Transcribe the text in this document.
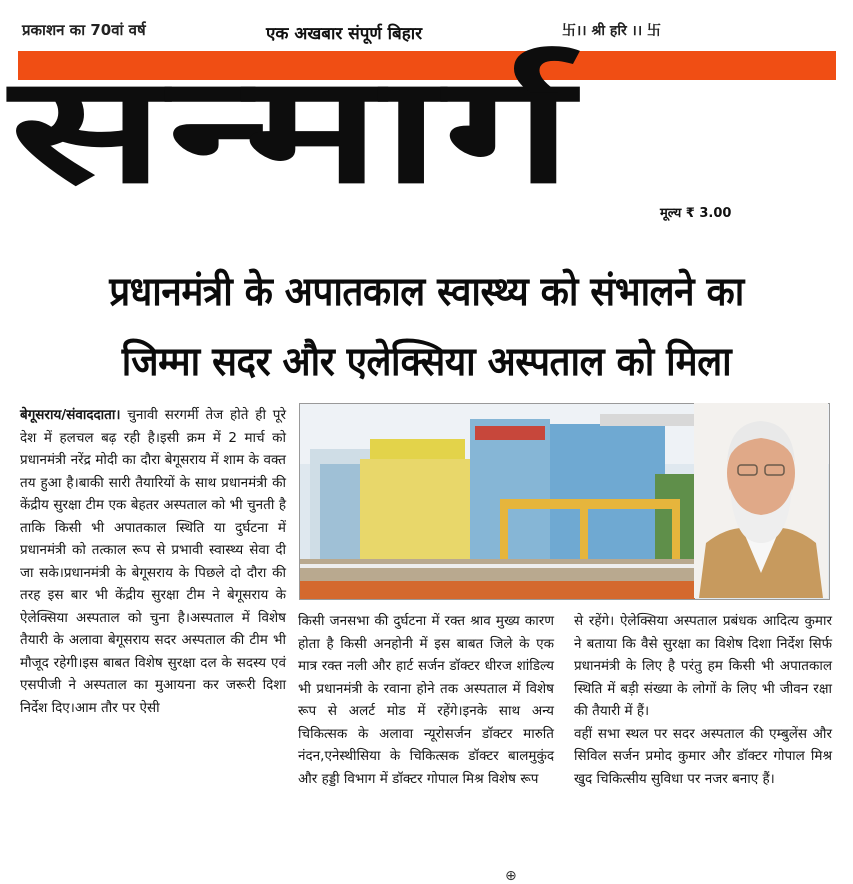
प्रकाशन का 70वां वर्ष	एक अखबार संपूर्ण बिहार	卐।। श्री हरि ।। 卐
सन्मार्ग	मूल्य ₹ 3.00
प्रधानमंत्री के अपातकाल स्वास्थ्य को संभालने का
जिम्मा सदर और एलेक्सिया अस्पताल को मिला
बेगूसराय/संवाददाता। चुनावी सरगर्मी तेज होते ही पूरे देश में हलचल बढ़ रही है।इसी क्रम में 2 मार्च को प्रधानमंत्री नरेंद्र मोदी का दौरा बेगूसराय में शाम के वक्त तय हुआ है।बाकी सारी तैयारियों के साथ प्रधानमंत्री की केंद्रीय सुरक्षा टीम एक बेहतर अस्पताल को भी चुनती है ताकि किसी भी अपातकाल स्थिति या दुर्घटना में प्रधानमंत्री को तत्काल रूप से प्रभावी स्वास्थ्य सेवा दी जा सके।प्रधानमंत्री के बेगूसराय के पिछले दो दौरा की तरह इस बार भी केंद्रीय सुरक्षा टीम ने बेगूसराय के ऐलेक्सिया अस्पताल को चुना है।अस्पताल में विशेष तैयारी के अलावा बेगूसराय सदर अस्पताल की टीम भी मौजूद रहेगी।इस बाबत विशेष सुरक्षा दल के सदस्य एवं एसपीजी ने अस्पताल का मुआयना कर जरूरी दिशा निर्देश दिए।आम तौर पर ऐसी
किसी जनसभा की दुर्घटना में रक्त श्राव मुख्य कारण होता है किसी अनहोनी में इस बाबत जिले के एक मात्र रक्त नली और हार्ट सर्जन डॉक्टर धीरज शांडिल्य भी प्रधानमंत्री के रवाना होने तक अस्पताल में विशेष रूप से अलर्ट मोड में रहेंगे।इनके साथ अन्य चिकित्सक के अलावा न्यूरोसर्जन डॉक्टर मारुति नंदन,एनेस्थीसिया के चिकित्सक डॉक्टर बालमुकुंद और हड्डी विभाग में डॉक्टर गोपाल मिश्र विशेष रूप
से रहेंगे। ऐलेक्सिया अस्पताल प्रबंधक आदित्य कुमार ने बताया कि वैसे सुरक्षा का विशेष दिशा निर्देश सिर्फ प्रधानमंत्री के लिए है परंतु हम किसी भी अपातकाल स्थिति में बड़ी संख्या के लोगों के लिए भी जीवन रक्षा की तैयारी में हैं।
वहीं सभा स्थल पर सदर अस्पताल की एम्बुलेंस और सिविल सर्जन प्रमोद कुमार और डॉक्टर गोपाल मिश्र खुद चिकित्सीय सुविधा पर नजर बनाए हैं।
⊕
